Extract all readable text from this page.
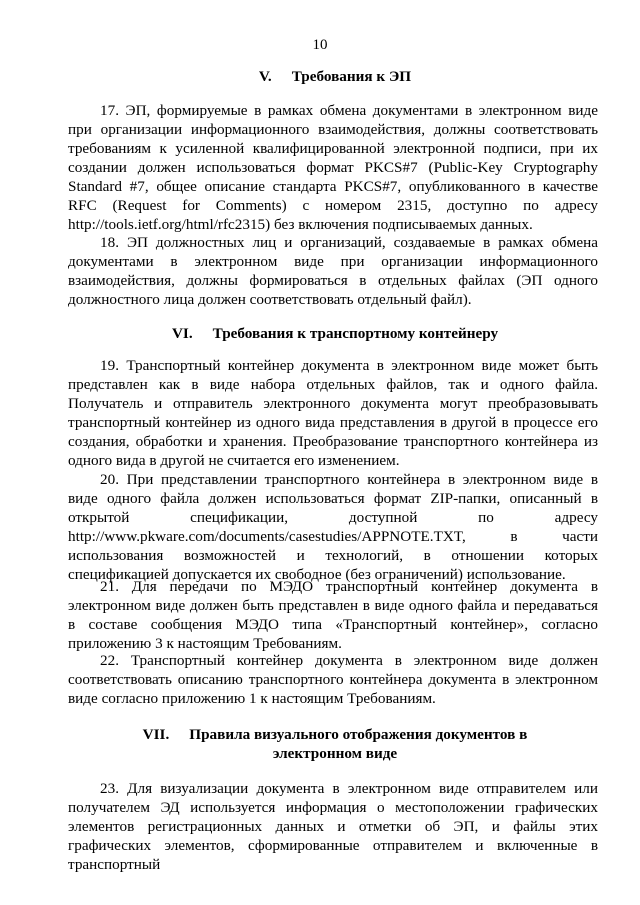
10
V. Требования к ЭП

17. ЭП, формируемые в рамках обмена документами в электронном виде при организации информационного взаимодействия, должны соответствовать требованиям к усиленной квалифицированной электронной подписи, при их создании должен использоваться формат PKCS#7 (Public-Key Cryptography Standard #7, общее описание стандарта PKCS#7, опубликованного в качестве RFC (Request for Comments) с номером 2315, доступно по адресу http://tools.ietf.org/html/rfc2315) без включения подписываемых данных.

18. ЭП должностных лиц и организаций, создаваемые в рамках обмена документами в электронном виде при организации информационного взаимодействия, должны формироваться в отдельных файлах (ЭП одного должностного лица должен соответствовать отдельный файл).

VI. Требования к транспортному контейнеру

19. Транспортный контейнер документа в электронном виде может быть представлен как в виде набора отдельных файлов, так и одного файла. Получатель и отправитель электронного документа могут преобразовывать транспортный контейнер из одного вида представления в другой в процессе его создания, обработки и хранения. Преобразование транспортного контейнера из одного вида в другой не считается его изменением.

20. При представлении транспортного контейнера в электронном виде в виде одного файла должен использоваться формат ZIP-папки, описанный в открытой спецификации, доступной по адресу http://www.pkware.com/documents/casestudies/APPNOTE.TXT, в части использования возможностей и технологий, в отношении которых спецификацией допускается их свободное (без ограничений) использование.

21. Для передачи по МЭДО транспортный контейнер документа в электронном виде должен быть представлен в виде одного файла и передаваться в составе сообщения МЭДО типа «Транспортный контейнер», согласно приложению 3 к настоящим Требованиям.

22. Транспортный контейнер документа в электронном виде должен соответствовать описанию транспортного контейнера документа в электронном виде согласно приложению 1 к настоящим Требованиям.

VII. Правила визуального отображения документов в электронном виде

23. Для визуализации документа в электронном виде отправителем или получателем ЭД используется информация о местоположении графических элементов регистрационных данных и отметки об ЭП, и файлы этих графических элементов, сформированные отправителем и включенные в транспортный
